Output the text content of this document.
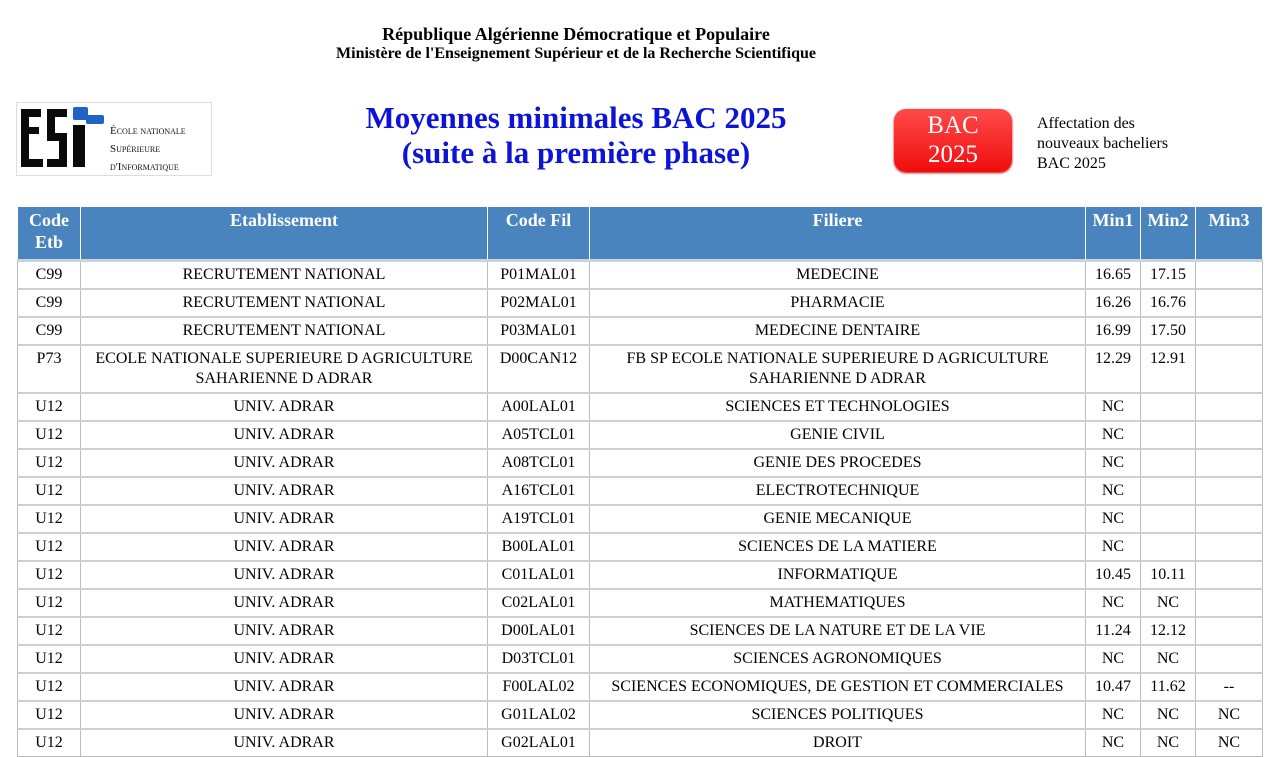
République Algérienne Démocratique et Populaire
Ministère de l'Enseignement Supérieur et de la Recherche Scientifique
École nationale
Supérieure
d'Informatique
Moyennes minimales BAC 2025
(suite à la première phase)
BAC
2025
Affectation des
nouveaux bacheliers
BAC 2025
Code Etb	Etablissement	Code Fil	Filiere	Min1	Min2	Min3
C99	RECRUTEMENT NATIONAL	P01MAL01	MEDECINE	16.65	17.15	
C99	RECRUTEMENT NATIONAL	P02MAL01	PHARMACIE	16.26	16.76	
C99	RECRUTEMENT NATIONAL	P03MAL01	MEDECINE DENTAIRE	16.99	17.50	
P73	ECOLE NATIONALE SUPERIEURE D AGRICULTURE SAHARIENNE D ADRAR	D00CAN12	FB SP ECOLE NATIONALE SUPERIEURE D AGRICULTURE SAHARIENNE D ADRAR	12.29	12.91	
U12	UNIV. ADRAR	A00LAL01	SCIENCES ET TECHNOLOGIES	NC		
U12	UNIV. ADRAR	A05TCL01	GENIE CIVIL	NC		
U12	UNIV. ADRAR	A08TCL01	GENIE DES PROCEDES	NC		
U12	UNIV. ADRAR	A16TCL01	ELECTROTECHNIQUE	NC		
U12	UNIV. ADRAR	A19TCL01	GENIE MECANIQUE	NC		
U12	UNIV. ADRAR	B00LAL01	SCIENCES DE LA MATIERE	NC		
U12	UNIV. ADRAR	C01LAL01	INFORMATIQUE	10.45	10.11	
U12	UNIV. ADRAR	C02LAL01	MATHEMATIQUES	NC	NC	
U12	UNIV. ADRAR	D00LAL01	SCIENCES DE LA NATURE ET DE LA VIE	11.24	12.12	
U12	UNIV. ADRAR	D03TCL01	SCIENCES AGRONOMIQUES	NC	NC	
U12	UNIV. ADRAR	F00LAL02	SCIENCES ECONOMIQUES, DE GESTION ET COMMERCIALES	10.47	11.62	--
U12	UNIV. ADRAR	G01LAL02	SCIENCES POLITIQUES	NC	NC	NC
U12	UNIV. ADRAR	G02LAL01	DROIT	NC	NC	NC
